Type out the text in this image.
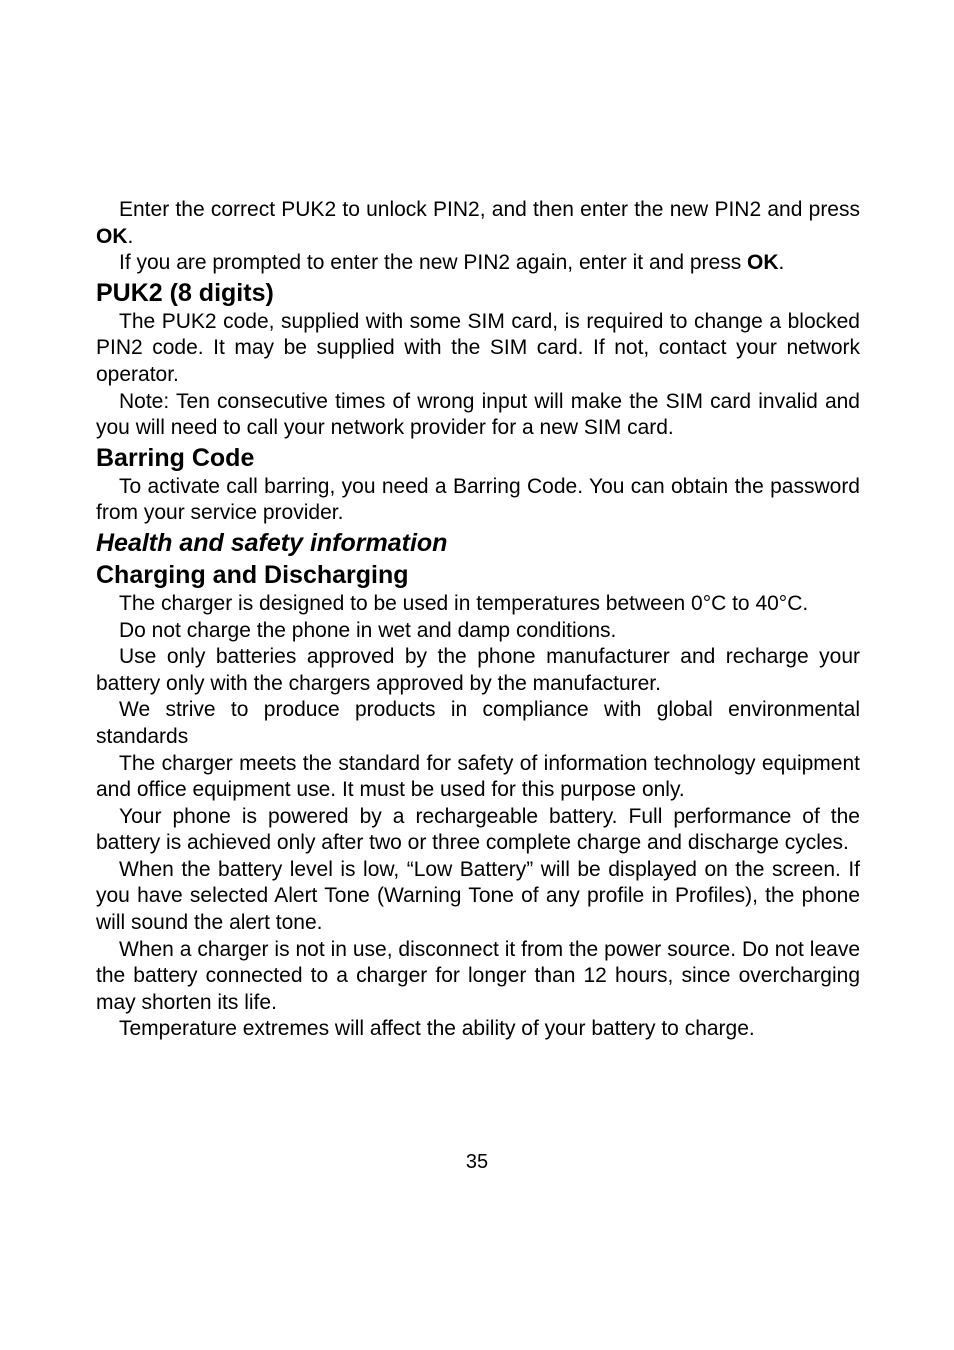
Enter the correct PUK2 to unlock PIN2, and then enter the new PIN2 and press OK.

If you are prompted to enter the new PIN2 again, enter it and press OK.

PUK2 (8 digits)

The PUK2 code, supplied with some SIM card, is required to change a blocked PIN2 code. It may be supplied with the SIM card. If not, contact your network operator.

Note: Ten consecutive times of wrong input will make the SIM card invalid and you will need to call your network provider for a new SIM card.

Barring Code

To activate call barring, you need a Barring Code. You can obtain the password from your service provider.

Health and safety information
Charging and Discharging

The charger is designed to be used in temperatures between 0°C to 40°C.

Do not charge the phone in wet and damp conditions.

Use only batteries approved by the phone manufacturer and recharge your battery only with the chargers approved by the manufacturer.

We strive to produce products in compliance with global environmental standards

The charger meets the standard for safety of information technology equipment and office equipment use. It must be used for this purpose only.

Your phone is powered by a rechargeable battery. Full performance of the battery is achieved only after two or three complete charge and discharge cycles.

When the battery level is low, “Low Battery” will be displayed on the screen. If you have selected Alert Tone (Warning Tone of any profile in Profiles), the phone will sound the alert tone.

When a charger is not in use, disconnect it from the power source. Do not leave the battery connected to a charger for longer than 12 hours, since overcharging may shorten its life.

Temperature extremes will affect the ability of your battery to charge.

35
